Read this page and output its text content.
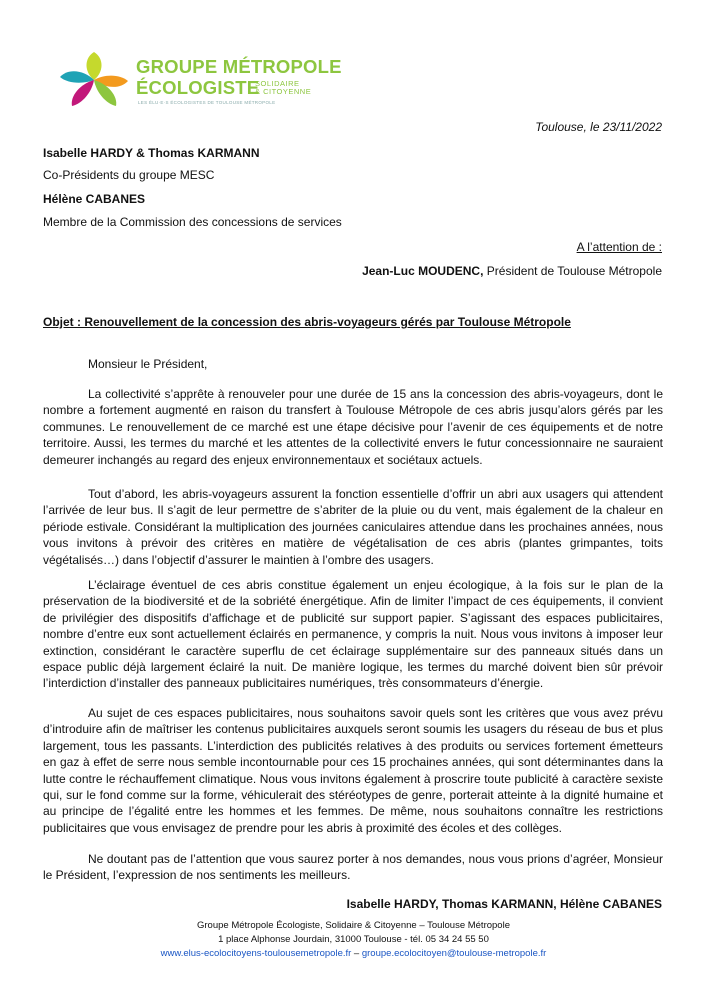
GROUPE MÉTROPOLE
ÉCOLOGISTE
SOLIDAIRE
& CITOYENNE
LES ÉLU·E·S ÉCOLOGISTES DE TOULOUSE MÉTROPOLE
Toulouse, le 23/11/2022
Isabelle HARDY & Thomas KARMANN
Co-Présidents du groupe MESC
Hélène CABANES
Membre de la Commission des concessions de services
A l’attention de :
Jean-Luc MOUDENC, Président de Toulouse Métropole
Objet : Renouvellement de la concession des abris-voyageurs gérés par Toulouse Métropole
Monsieur le Président,

La collectivité s’apprête à renouveler pour une durée de 15 ans la concession des abris-voyageurs, dont le nombre a fortement augmenté en raison du transfert à Toulouse Métropole de ces abris jusqu’alors gérés par les communes. Le renouvellement de ce marché est une étape décisive pour l’avenir de ces équipements et de notre territoire. Aussi, les termes du marché et les attentes de la collectivité envers le futur concessionnaire ne sauraient demeurer inchangés au regard des enjeux environnementaux et sociétaux actuels.

Tout d’abord, les abris-voyageurs assurent la fonction essentielle d’offrir un abri aux usagers qui attendent l’arrivée de leur bus. Il s’agit de leur permettre de s’abriter de la pluie ou du vent, mais également de la chaleur en période estivale. Considérant la multiplication des journées caniculaires attendue dans les prochaines années, nous vous invitons à prévoir des critères en matière de végétalisation de ces abris (plantes grimpantes, toits végétalisés…) dans l’objectif d’assurer le maintien à l’ombre des usagers.

L’éclairage éventuel de ces abris constitue également un enjeu écologique, à la fois sur le plan de la préservation de la biodiversité et de la sobriété énergétique. Afin de limiter l’impact de ces équipements, il convient de privilégier des dispositifs d’affichage et de publicité sur support papier. S’agissant des espaces publicitaires, nombre d’entre eux sont actuellement éclairés en permanence, y compris la nuit. Nous vous invitons à imposer leur extinction, considérant le caractère superflu de cet éclairage supplémentaire sur des panneaux situés dans un espace public déjà largement éclairé la nuit. De manière logique, les termes du marché doivent bien sûr prévoir l’interdiction d’installer des panneaux publicitaires numériques, très consommateurs d’énergie.

Au sujet de ces espaces publicitaires, nous souhaitons savoir quels sont les critères que vous avez prévu d’introduire afin de maîtriser les contenus publicitaires auxquels seront soumis les usagers du réseau de bus et plus largement, tous les passants. L’interdiction des publicités relatives à des produits ou services fortement émetteurs en gaz à effet de serre nous semble incontournable pour ces 15 prochaines années, qui sont déterminantes dans la lutte contre le réchauffement climatique. Nous vous invitons également à proscrire toute publicité à caractère sexiste qui, sur le fond comme sur la forme, véhiculerait des stéréotypes de genre, porterait atteinte à la dignité humaine et au principe de l’égalité entre les hommes et les femmes. De même, nous souhaitons connaître les restrictions publicitaires que vous envisagez de prendre pour les abris à proximité des écoles et des collèges.

Ne doutant pas de l’attention que vous saurez porter à nos demandes, nous vous prions d’agréer, Monsieur le Président, l’expression de nos sentiments les meilleurs.

Isabelle HARDY, Thomas KARMANN, Hélène CABANES
Groupe Métropole Écologiste, Solidaire & Citoyenne – Toulouse Métropole
1 place Alphonse Jourdain, 31000 Toulouse - tél. 05 34 24 55 50
www.elus-ecolocitoyens-toulousemetropole.fr – groupe.ecolocitoyen@toulouse-metropole.fr
